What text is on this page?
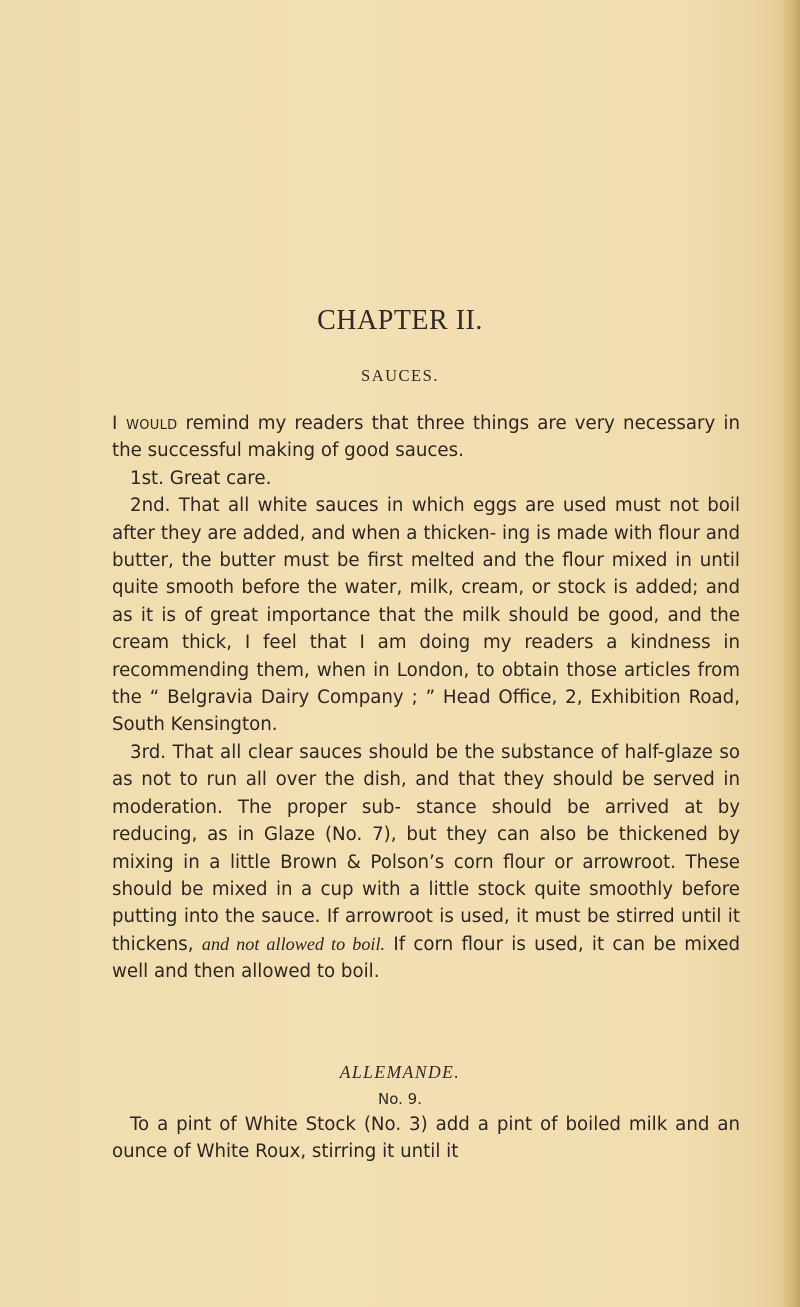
CHAPTER II.
SAUCES.

I would remind my readers that three things are very necessary in the successful making of good sauces.

1st. Great care.

2nd. That all white sauces in which eggs are used must not boil after they are added, and when a thicken- ing is made with flour and butter, the butter must be first melted and the flour mixed in until quite smooth before the water, milk, cream, or stock is added; and as it is of great importance that the milk should be good, and the cream thick, I feel that I am doing my readers a kindness in recommending them, when in London, to obtain those articles from the “ Belgravia Dairy Company ; ” Head Office, 2, Exhibition Road, South Kensington.

3rd. That all clear sauces should be the substance of half-glaze so as not to run all over the dish, and that they should be served in moderation. The proper sub- stance should be arrived at by reducing, as in Glaze (No. 7), but they can also be thickened by mixing in a little Brown & Polson’s corn flour or arrowroot. These should be mixed in a cup with a little stock quite smoothly before putting into the sauce. If arrowroot is used, it must be stirred until it thickens, and not allowed to boil. If corn flour is used, it can be mixed well and then allowed to boil.

ALLEMANDE.
No. 9.

To a pint of White Stock (No. 3) add a pint of boiled milk and an ounce of White Roux, stirring it until it
